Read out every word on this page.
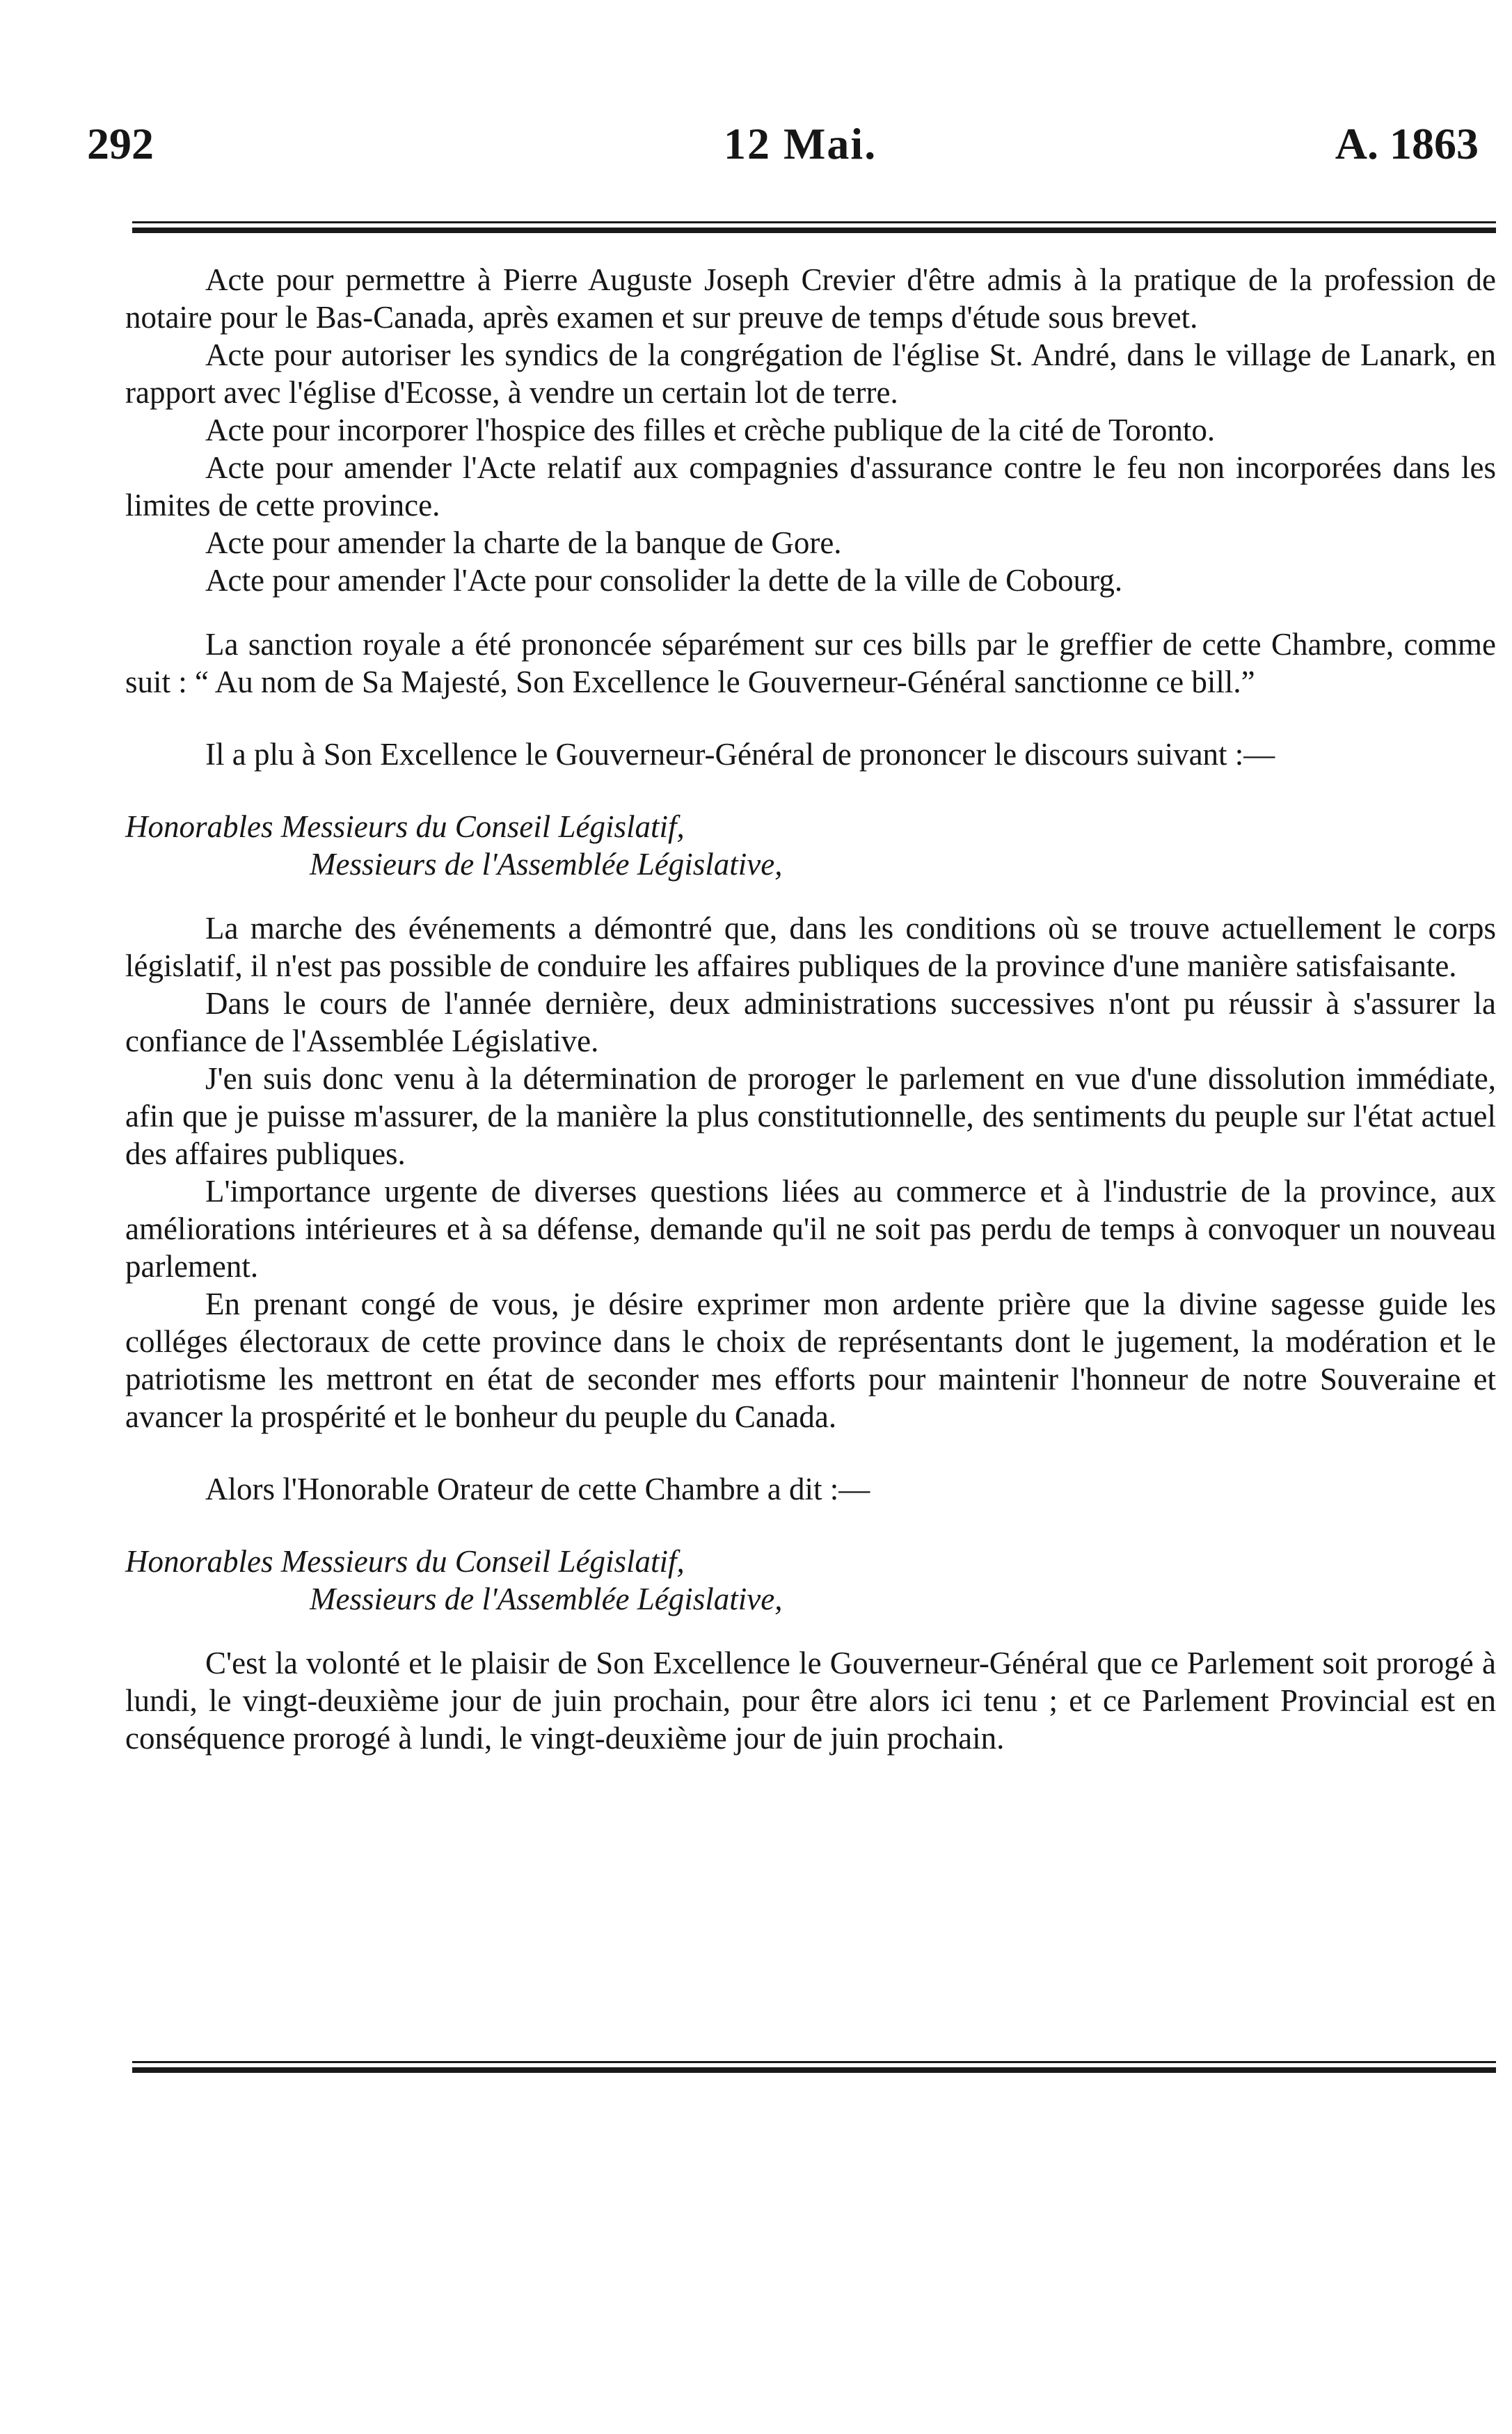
292	12 Mai.	A. 1863

Acte pour permettre à Pierre Auguste Joseph Crevier d'être admis à la pratique de la profession de notaire pour le Bas-Canada, après examen et sur preuve de temps d'étude sous brevet.

Acte pour autoriser les syndics de la congrégation de l'église St. André, dans le village de Lanark, en rapport avec l'église d'Ecosse, à vendre un certain lot de terre.

Acte pour incorporer l'hospice des filles et crèche publique de la cité de Toronto.

Acte pour amender l'Acte relatif aux compagnies d'assurance contre le feu non incorporées dans les limites de cette province.

Acte pour amender la charte de la banque de Gore.

Acte pour amender l'Acte pour consolider la dette de la ville de Cobourg.

La sanction royale a été prononcée séparément sur ces bills par le greffier de cette Chambre, comme suit : “ Au nom de Sa Majesté, Son Excellence le Gouverneur-Général sanctionne ce bill.”

Il a plu à Son Excellence le Gouverneur-Général de prononcer le discours suivant :—

Honorables Messieurs du Conseil Législatif,

Messieurs de l'Assemblée Législative,

La marche des événements a démontré que, dans les conditions où se trouve actuellement le corps législatif, il n'est pas possible de conduire les affaires publiques de la province d'une manière satisfaisante.

Dans le cours de l'année dernière, deux administrations successives n'ont pu réussir à s'assurer la confiance de l'Assemblée Législative.

J'en suis donc venu à la détermination de proroger le parlement en vue d'une dissolution immédiate, afin que je puisse m'assurer, de la manière la plus constitutionnelle, des sentiments du peuple sur l'état actuel des affaires publiques.

L'importance urgente de diverses questions liées au commerce et à l'industrie de la province, aux améliorations intérieures et à sa défense, demande qu'il ne soit pas perdu de temps à convoquer un nouveau parlement.

En prenant congé de vous, je désire exprimer mon ardente prière que la divine sagesse guide les colléges électoraux de cette province dans le choix de représentants dont le jugement, la modération et le patriotisme les mettront en état de seconder mes efforts pour maintenir l'honneur de notre Souveraine et avancer la prospérité et le bonheur du peuple du Canada.

Alors l'Honorable Orateur de cette Chambre a dit :—

Honorables Messieurs du Conseil Législatif,

Messieurs de l'Assemblée Législative,

C'est la volonté et le plaisir de Son Excellence le Gouverneur-Général que ce Parlement soit prorogé à lundi, le vingt-deuxième jour de juin prochain, pour être alors ici tenu ; et ce Parlement Provincial est en conséquence prorogé à lundi, le vingt-deuxième jour de juin prochain.
